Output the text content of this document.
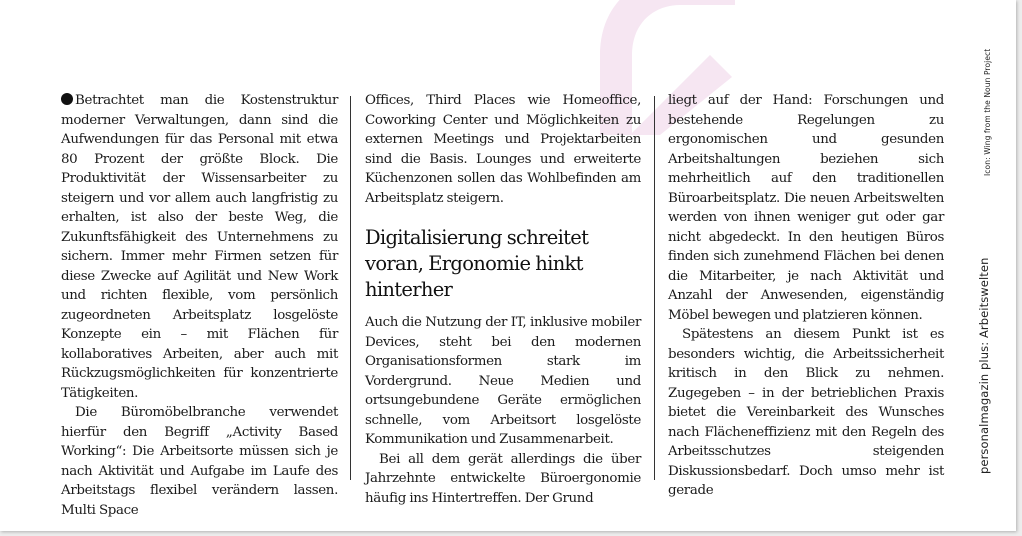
Betrachtet man die Kostenstruktur moderner Verwaltungen, dann sind die Aufwendungen für das Personal mit etwa 80 Prozent der größte Block. Die Produktivität der Wissensarbeiter zu steigern und vor allem auch langfristig zu erhalten, ist also der beste Weg, die Zukunftsfähigkeit des Unternehmens zu sichern. Immer mehr Firmen setzen für diese Zwecke auf Agilität und New Work und richten flexible, vom persönlich zugeordneten Arbeitsplatz losgelöste Konzepte ein – mit Flächen für kollaboratives Arbeiten, aber auch mit Rückzugsmöglichkeiten für konzentrierte Tätigkeiten.

Die Büromöbelbranche verwendet hierfür den Begriff „Activity Based Working“: Die Arbeitsorte müssen sich je nach Aktivität und Aufgabe im Laufe des Arbeitstags flexibel verändern lassen. Multi Space

Offices, Third Places wie Homeoffice, Coworking Center und Möglichkeiten zu externen Meetings und Projektarbeiten sind die Basis. Lounges und erweiterte Küchenzonen sollen das Wohlbefinden am Arbeitsplatz steigern.

Digitalisierung schreitet voran, Ergonomie hinkt hinterher

Auch die Nutzung der IT, inklusive mobiler Devices, steht bei den modernen Organisationsformen stark im Vordergrund. Neue Medien und ortsungebundene Geräte ermöglichen schnelle, vom Arbeitsort losgelöste Kommunikation und Zusammenarbeit.

Bei all dem gerät allerdings die über Jahrzehnte entwickelte Büroergonomie häufig ins Hintertreffen. Der Grund

liegt auf der Hand: Forschungen und bestehende Regelungen zu ergonomischen und gesunden Arbeitshaltungen beziehen sich mehrheitlich auf den traditionellen Büroarbeitsplatz. Die neuen Arbeitswelten werden von ihnen weniger gut oder gar nicht abgedeckt. In den heutigen Büros finden sich zunehmend Flächen bei denen die Mitarbeiter, je nach Aktivität und Anzahl der Anwesenden, eigenständig Möbel bewegen und platzieren können.

Spätestens an diesem Punkt ist es besonders wichtig, die Arbeitssicherheit kritisch in den Blick zu nehmen. Zugegeben – in der betrieblichen Praxis bietet die Vereinbarkeit des Wunsches nach Flächeneffizienz mit den Regeln des Arbeitsschutzes steigenden Diskussionsbedarf. Doch umso mehr ist gerade

Icon: Wing from the Noun Project
personalmagazin plus: Arbeitswelten
